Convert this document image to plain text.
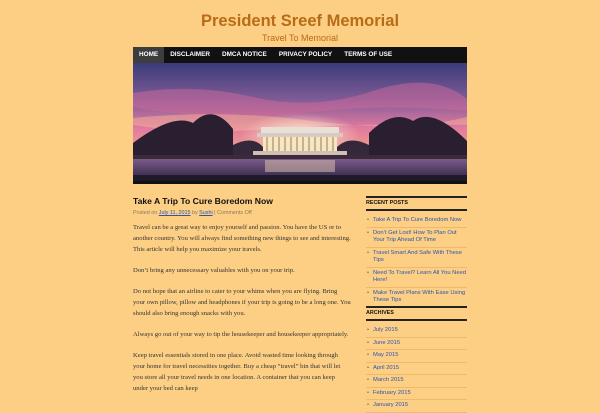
President Sreef Memorial
Travel To Memorial
HOME	DISCLAIMER	DMCA NOTICE	PRIVACY POLICY	TERMS OF USE
Take A Trip To Cure Boredom Now
Posted on July 11, 2015 by Sushi | Comments Off

Travel can be a great way to enjoy yourself and passion. You have the US or to another country. You will always find something new things to see and interesting. This article will help you maximize your travels.

Don’t bring any unnecessary valuables with you on your trip.

Do not hope that an airline to cater to your whims when you are flying. Bring your own pillow, pillow and headphones if your trip is going to be a long one. You should also bring enough snacks with you.

Always go out of your way to tip the housekeeper and housekeeper appropriately.

Keep travel essentials stored in one place. Avoid wasted time looking through your home for travel necessities together. Buy a cheap “travel” bin that will let you store all your travel needs in one location. A container that you can keep under your bed can keep

RECENT POSTS
• Take A Trip To Cure Boredom Now
• Don’t Get Lost! How To Plan Out Your Trip Ahead Of Time
• Travel Smart And Safe With These Tips
• Need To Travel? Learn All You Need Here!
• Make Travel Plans With Ease Using These Tips
ARCHIVES
• July 2015
• June 2015
• May 2015
• April 2015
• March 2015
• February 2015
• January 2015
